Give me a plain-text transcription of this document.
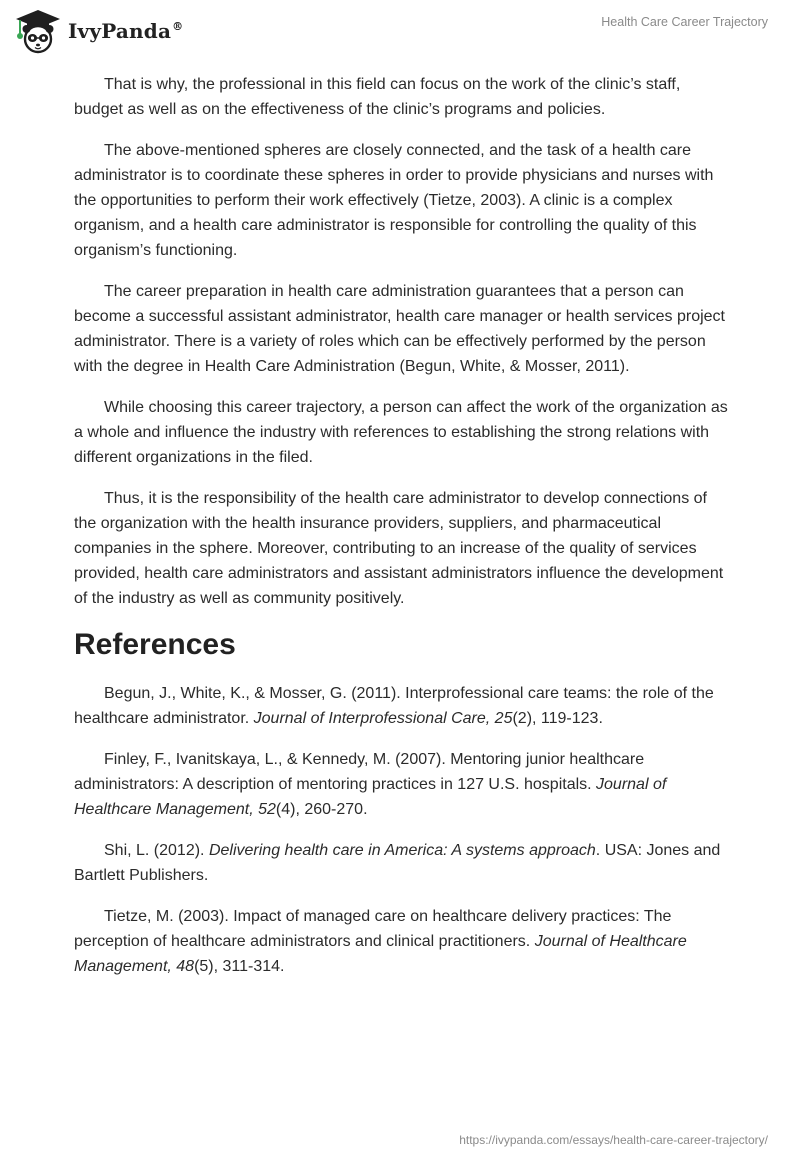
IvyPanda®	Health Care Career Trajectory

That is why, the professional in this field can focus on the work of the clinic’s staff, budget as well as on the effectiveness of the clinic’s programs and policies.

The above-mentioned spheres are closely connected, and the task of a health care administrator is to coordinate these spheres in order to provide physicians and nurses with the opportunities to perform their work effectively (Tietze, 2003). A clinic is a complex organism, and a health care administrator is responsible for controlling the quality of this organism’s functioning.

The career preparation in health care administration guarantees that a person can become a successful assistant administrator, health care manager or health services project administrator. There is a variety of roles which can be effectively performed by the person with the degree in Health Care Administration (Begun, White, & Mosser, 2011).

While choosing this career trajectory, a person can affect the work of the organization as a whole and influence the industry with references to establishing the strong relations with different organizations in the filed.

Thus, it is the responsibility of the health care administrator to develop connections of the organization with the health insurance providers, suppliers, and pharmaceutical companies in the sphere. Moreover, contributing to an increase of the quality of services provided, health care administrators and assistant administrators influence the development of the industry as well as community positively.

References

Begun, J., White, K., & Mosser, G. (2011). Interprofessional care teams: the role of the healthcare administrator. Journal of Interprofessional Care, 25(2), 119-123.

Finley, F., Ivanitskaya, L., & Kennedy, M. (2007). Mentoring junior healthcare administrators: A description of mentoring practices in 127 U.S. hospitals. Journal of Healthcare Management, 52(4), 260-270.

Shi, L. (2012). Delivering health care in America: A systems approach. USA: Jones and Bartlett Publishers.

Tietze, M. (2003). Impact of managed care on healthcare delivery practices: The perception of healthcare administrators and clinical practitioners. Journal of Healthcare Management, 48(5), 311-314.

https://ivypanda.com/essays/health-care-career-trajectory/
